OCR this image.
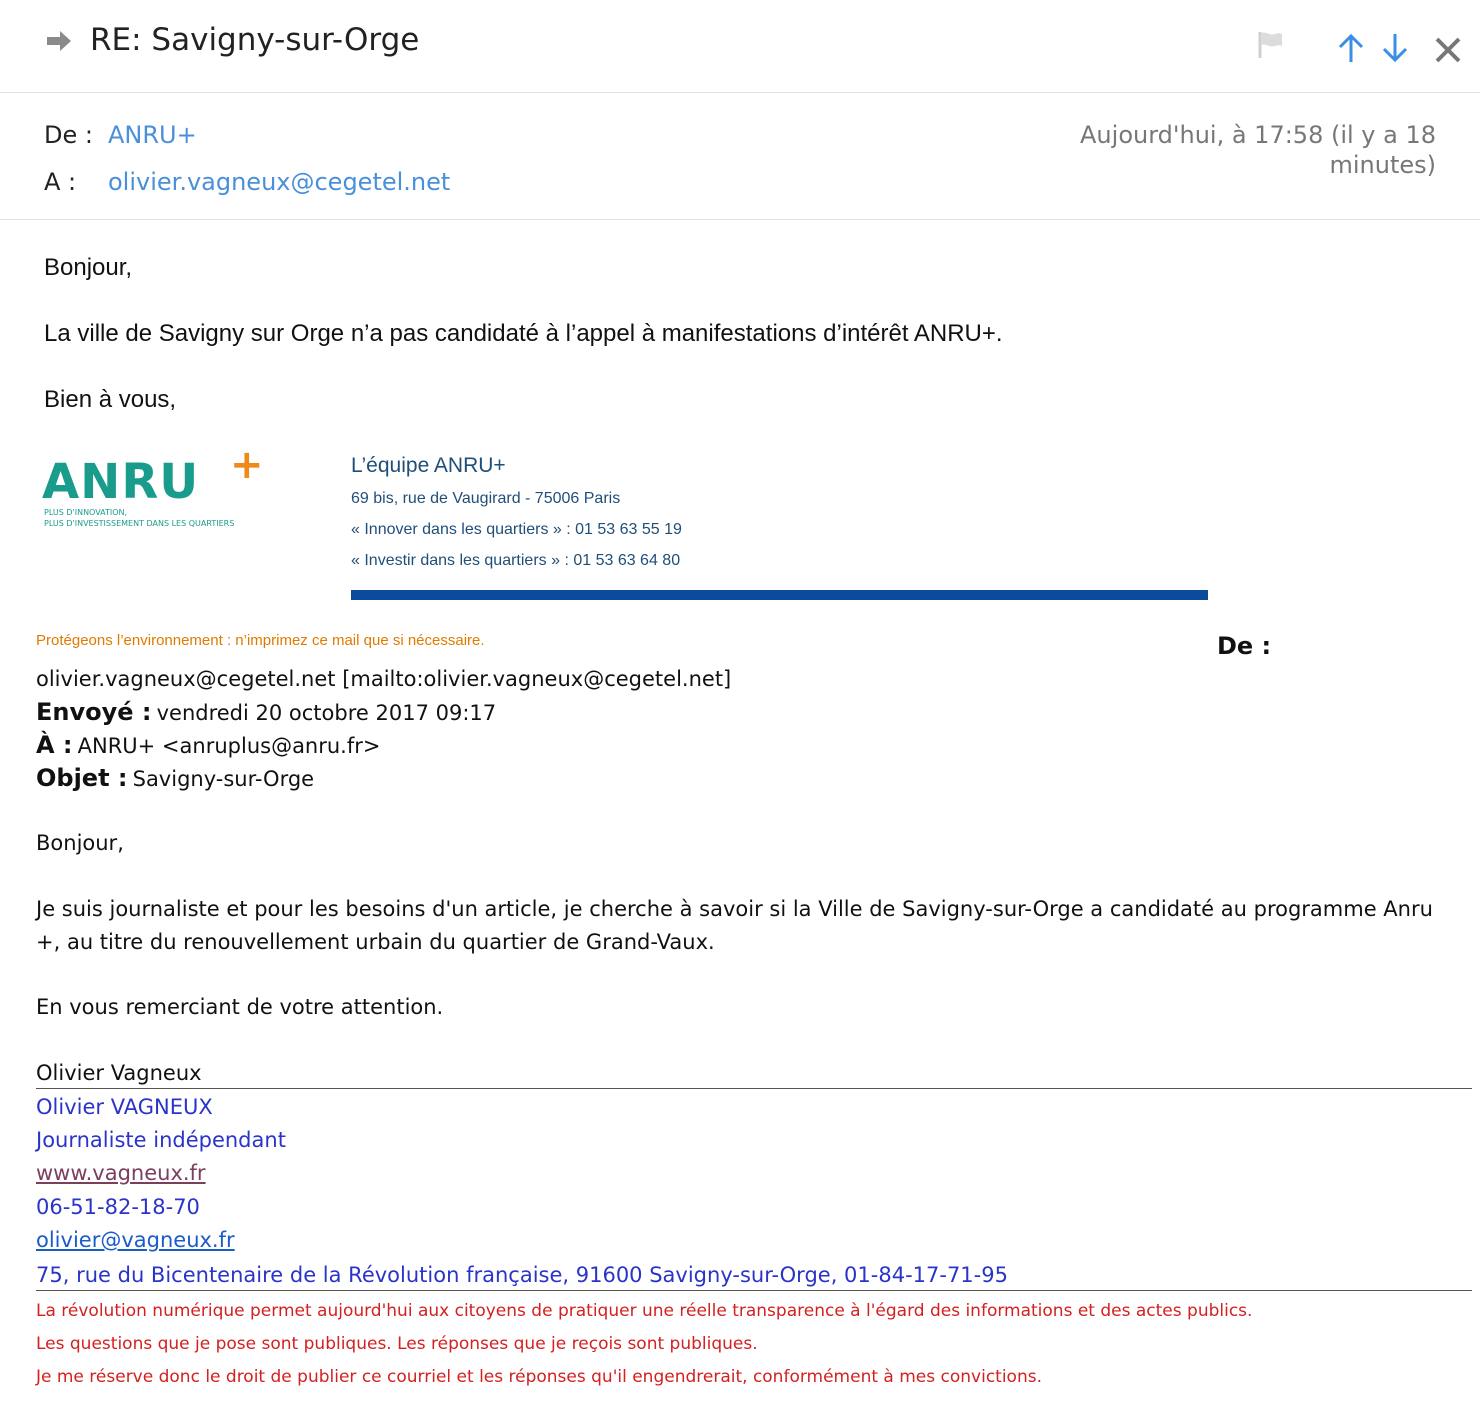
RE: Savigny-sur-Orge
De : ANRU+
A : olivier.vagneux@cegetel.net
Aujourd'hui, à 17:58 (il y a 18 minutes)
Bonjour,
La ville de Savigny sur Orge n’a pas candidaté à l’appel à manifestations d’intérêt ANRU+.
Bien à vous,
ANRU +
PLUS D'INNOVATION,
PLUS D'INVESTISSEMENT DANS LES QUARTIERS
L’équipe ANRU+
69 bis, rue de Vaugirard - 75006 Paris
« Innover dans les quartiers » : 01 53 63 55 19
« Investir dans les quartiers » : 01 53 63 64 80
Protégeons l’environnement : n’imprimez ce mail que si nécessaire.	De :
olivier.vagneux@cegetel.net [mailto:olivier.vagneux@cegetel.net]
Envoyé : vendredi 20 octobre 2017 09:17
À : ANRU+ <anruplus@anru.fr>
Objet : Savigny-sur-Orge
Bonjour,
Je suis journaliste et pour les besoins d'un article, je cherche à savoir si la Ville de Savigny-sur-Orge a candidaté au programme Anru +, au titre du renouvellement urbain du quartier de Grand-Vaux.
En vous remerciant de votre attention.
Olivier Vagneux
Olivier VAGNEUX
Journaliste indépendant
www.vagneux.fr
06-51-82-18-70
olivier@vagneux.fr
75, rue du Bicentenaire de la Révolution française, 91600 Savigny-sur-Orge, 01-84-17-71-95
La révolution numérique permet aujourd'hui aux citoyens de pratiquer une réelle transparence à l'égard des informations et des actes publics.
Les questions que je pose sont publiques. Les réponses que je reçois sont publiques.
Je me réserve donc le droit de publier ce courriel et les réponses qu'il engendrerait, conformément à mes convictions.
